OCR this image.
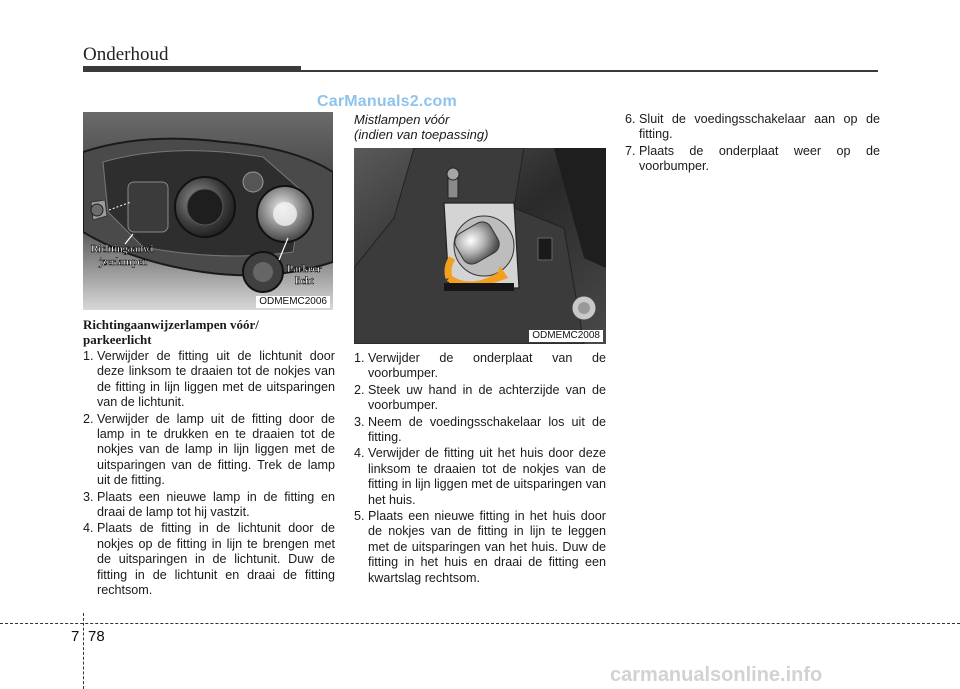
Onderhoud
CarManuals2.com
Richtingaanwi
jzerlampen
Parkeer
licht
ODMEMC2006
Richtingaanwijzerlampen vóór/
parkeerlicht
1. Verwijder de fitting uit de lichtunit door deze linksom te draaien tot de nokjes van de fitting in lijn liggen met de uitsparingen van de lichtunit.
2. Verwijder de lamp uit de fitting door de lamp in te drukken en te draaien tot de nokjes van de lamp in lijn liggen met de uitsparingen van de fitting. Trek de lamp uit de fitting.
3. Plaats een nieuwe lamp in de fitting en draai de lamp tot hij vastzit.
4. Plaats de fitting in de lichtunit door de nokjes op de fitting in lijn te brengen met de uitsparingen in de lichtunit. Duw de fitting in de lichtunit en draai de fitting rechtsom.
Mistlampen vóór
(indien van toepassing)
ODMEMC2008
1. Verwijder de onderplaat van de voorbumper.
2. Steek uw hand in de achterzijde van de voorbumper.
3. Neem de voedingsschakelaar los uit de fitting.
4. Verwijder de fitting uit het huis door deze linksom te draaien tot de nokjes van de fitting in lijn liggen met de uitsparingen van het huis.
5. Plaats een nieuwe fitting in het huis door de nokjes van de fitting in lijn te leggen met de uitsparingen van het huis. Duw de fitting in het huis en draai de fitting een kwartslag rechtsom.
6. Sluit de voedingsschakelaar aan op de fitting.
7. Plaats de onderplaat weer op de voorbumper.
7 78
carmanualsonline.info
